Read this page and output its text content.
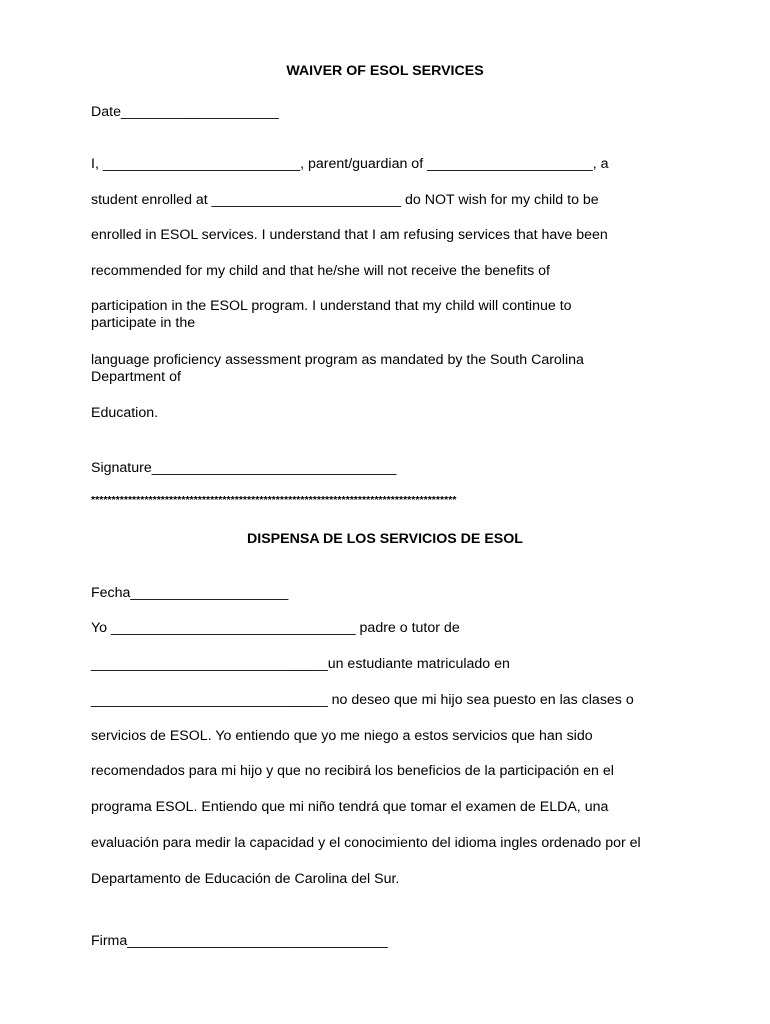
WAIVER OF ESOL SERVICES
Date____________________
I, _________________________, parent/guardian of _____________________, a
student enrolled at ________________________ do NOT wish for my child to be
enrolled in ESOL services. I understand that I am refusing services that have been
recommended for my child and that he/she will not receive the benefits of
participation in the ESOL program. I understand that my child will continue to
participate in the
language proficiency assessment program as mandated by the South Carolina
Department of
Education.
Signature_______________________________
*****************************************************************************************
DISPENSA DE LOS SERVICIOS DE ESOL
Fecha____________________
Yo _______________________________ padre o tutor de
______________________________un estudiante matriculado en
______________________________ no deseo que mi hijo sea puesto en las clases o
servicios de ESOL. Yo entiendo que yo me niego a estos servicios que han sido
recomendados para mi hijo y que no recibirá los beneficios de la participación en el
programa ESOL. Entiendo que mi niño tendrá que tomar el examen de ELDA, una
evaluación para medir la capacidad y el conocimiento del idioma ingles ordenado por el
Departamento de Educación de Carolina del Sur.
Firma_________________________________
